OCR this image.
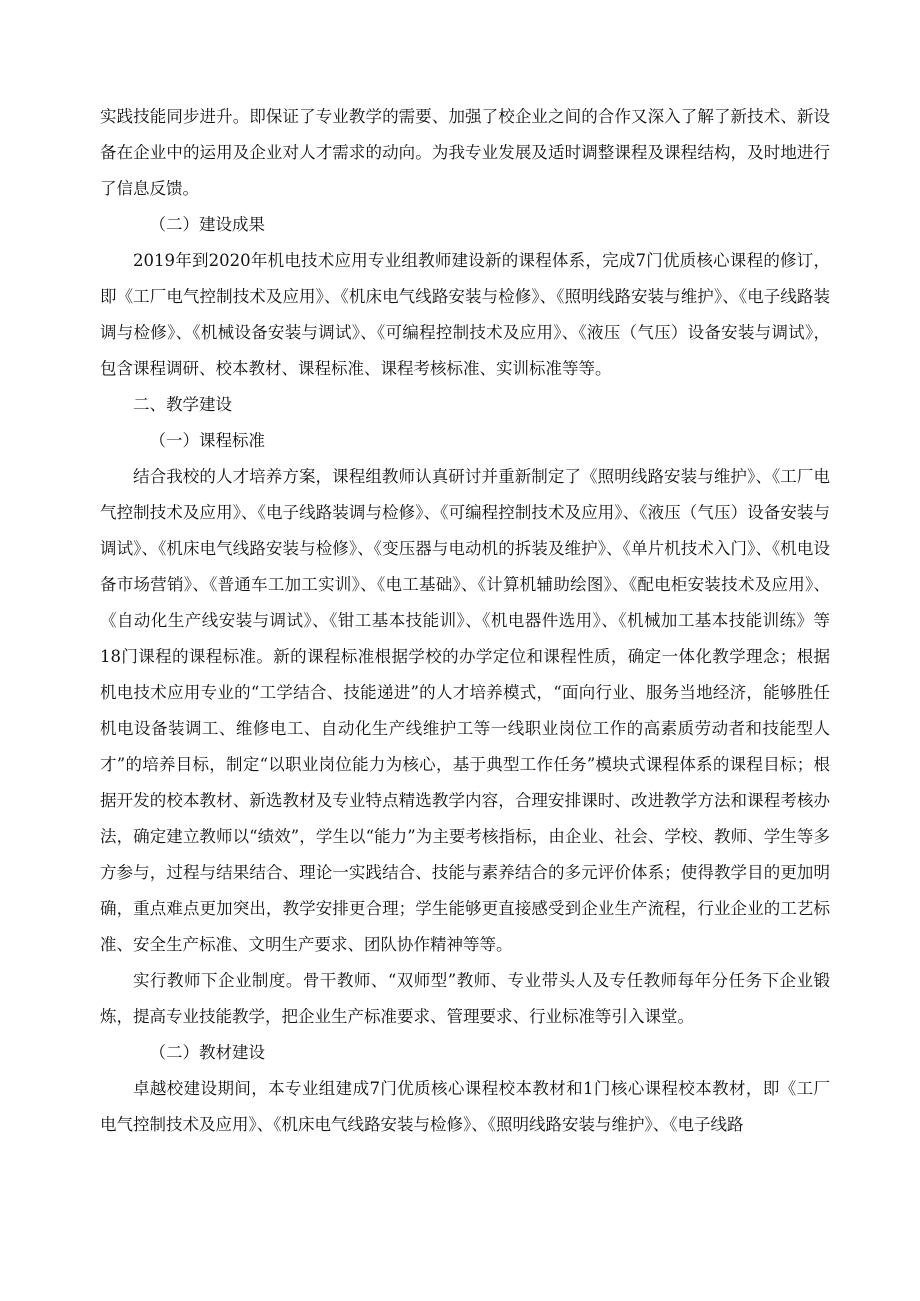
实践技能同步进升。即保证了专业教学的需要、加强了校企业之间的合作又深入了解了新技术、新设备在企业中的运用及企业对人才需求的动向。为我专业发展及适时调整课程及课程结构，及时地进行了信息反馈。

（二）建设成果

2019年到2020年机电技术应用专业组教师建设新的课程体系，完成7门优质核心课程的修订，即《工厂电气控制技术及应用》、《机床电气线路安装与检修》、《照明线路安装与维护》、《电子线路装调与检修》、《机械设备安装与调试》、《可编程控制技术及应用》、《液压（气压）设备安装与调试》，包含课程调研、校本教材、课程标准、课程考核标准、实训标准等等。

二、教学建设

（一）课程标准

结合我校的人才培养方案，课程组教师认真研讨并重新制定了《照明线路安装与维护》、《工厂电气控制技术及应用》、《电子线路装调与检修》、《可编程控制技术及应用》、《液压（气压）设备安装与调试》、《机床电气线路安装与检修》、《变压器与电动机的拆装及维护》、《单片机技术入门》、《机电设备市场营销》、《普通车工加工实训》、《电工基础》、《计算机辅助绘图》、《配电柜安装技术及应用》、《自动化生产线安装与调试》、《钳工基本技能训》、《机电器件选用》、《机械加工基本技能训练》等18门课程的课程标准。新的课程标准根据学校的办学定位和课程性质，确定一体化教学理念；根据机电技术应用专业的“工学结合、技能递进”的人才培养模式，“面向行业、服务当地经济，能够胜任机电设备装调工、维修电工、自动化生产线维护工等一线职业岗位工作的高素质劳动者和技能型人才”的培养目标，制定“以职业岗位能力为核心，基于典型工作任务”模块式课程体系的课程目标；根据开发的校本教材、新选教材及专业特点精选教学内容，合理安排课时、改进教学方法和课程考核办法，确定建立教师以“绩效”，学生以“能力”为主要考核指标，由企业、社会、学校、教师、学生等多方参与，过程与结果结合、理论一实践结合、技能与素养结合的多元评价体系；使得教学目的更加明确，重点难点更加突出，教学安排更合理；学生能够更直接感受到企业生产流程，行业企业的工艺标准、安全生产标准、文明生产要求、团队协作精神等等。

实行教师下企业制度。骨干教师、“双师型”教师、专业带头人及专任教师每年分任务下企业锻炼，提高专业技能教学，把企业生产标准要求、管理要求、行业标准等引入课堂。

（二）教材建设

卓越校建设期间，本专业组建成7门优质核心课程校本教材和1门核心课程校本教材，即《工厂电气控制技术及应用》、《机床电气线路安装与检修》、《照明线路安装与维护》、《电子线路
